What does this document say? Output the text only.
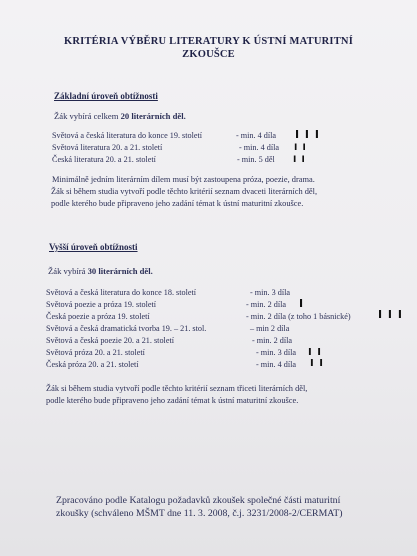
KRITÉRIA VÝBĚRU LITERATURY K ÚSTNÍ MATURITNÍ
ZKOUŠCE
Základní úroveň obtížnosti
Žák vybírá celkem 20 literárních děl.
Světová a česká literatura do konce 19. století	- min. 4 díla I I I
Světová literatura 20. a 21. století	- min. 4 díla I I
Česká literatura 20. a 21. století	- min. 5 děl I I
Minimálně jedním literárním dílem musí být zastoupena próza, poezie, drama.
Žák si během studia vytvoří podle těchto kritérií seznam dvaceti literárních děl,
podle kterého bude připraveno jeho zadání témat k ústní maturitní zkoušce.
Vyšší úroveň obtížnosti
Žák vybírá 30 literárních děl.
Světová a česká literatura do konce 18. století	- min. 3 díla
Světová poezie a próza 19. století	- min. 2 díla I
Česká poezie a próza 19. století	- min. 2 díla (z toho 1 básnické) I I I
Světová a česká dramatická tvorba 19. – 21. stol.	– min 2 díla
Světová a česká poezie 20. a 21. století	- min. 2 díla
Světová próza 20. a 21. století	- min. 3 díla I I
Česká próza 20. a 21. století	- min. 4 díla I I
Žák si během studia vytvoří podle těchto kritérií seznam třiceti literárních děl,
podle kterého bude připraveno jeho zadání témat k ústní maturitní zkoušce.
Zpracováno podle Katalogu požadavků zkoušek společné části maturitní
zkoušky (schváleno MŠMT dne 11. 3. 2008, č.j. 3231/2008-2/CERMAT)
